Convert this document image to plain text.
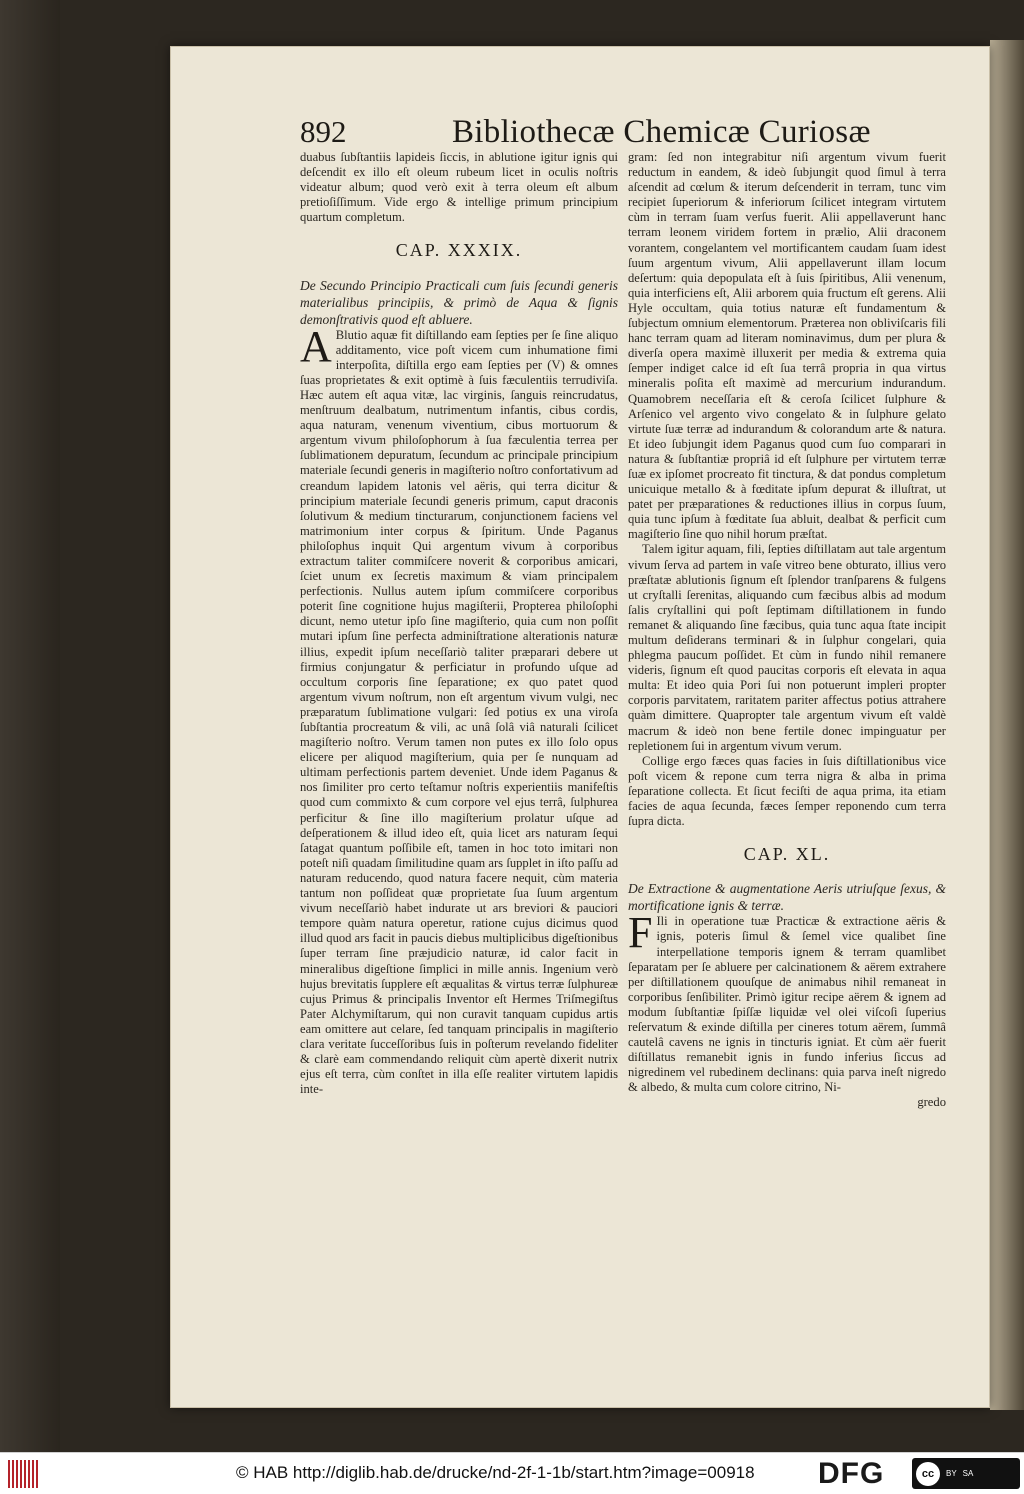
892	Bibliothecæ Chemicæ Curiosæ

duabus ſubſtantiis lapideis ſiccis, in ablutione igitur ignis qui deſcendit ex illo eſt oleum rubeum licet in oculis noſtris videatur album; quod verò exit à terra oleum eſt album pretioſiſſimum. Vide ergo & intellige primum principium quartum completum.

CAP. XXXIX.

De Secundo Principio Practicali cum ſuis ſecundi generis materialibus principiis, & primò de Aqua & ſignis demonſtrativis quod eſt abluere.

A Blutio aquæ fit diſtillando eam ſepties per ſe ſine aliquo additamento, vice poſt vicem cum inhumatione fimi interpoſita, diſtilla ergo eam ſepties per (V) & omnes ſuas proprietates & exit optimè à ſuis fæculentiis terrudiviſa. Hæc autem eſt aqua vitæ, lac virginis, ſanguis reincrudatus, menſtruum dealbatum, nutrimentum infantis, cibus cordis, aqua naturam, venenum viventium, cibus mortuorum & argentum vivum philoſophorum à ſua fæculentia terrea per ſublimationem depuratum, ſecundum ac principale principium materiale ſecundi generis in magiſterio noſtro confortativum ad creandum lapidem latonis vel aëris, qui terra dicitur & principium materiale ſecundi generis primum, caput draconis ſolutivum & medium tincturarum, conjunctionem faciens vel matrimonium inter corpus & ſpiritum. Unde Paganus philoſophus inquit Qui argentum vivum à corporibus extractum taliter commiſcere noverit & corporibus amicari, ſciet unum ex ſecretis maximum & viam principalem perfectionis. Nullus autem ipſum commiſcere corporibus poterit ſine cognitione hujus magiſterii, Propterea philoſophi dicunt, nemo utetur ipſo ſine magiſterio, quia cum non poſſit mutari ipſum ſine perfecta adminiſtratione alterationis naturæ illius, expedit ipſum neceſſariò taliter præparari debere ut firmius conjungatur & perficiatur in profundo uſque ad occultum corporis ſine ſeparatione; ex quo patet quod argentum vivum noſtrum, non eſt argentum vivum vulgi, nec præparatum ſublimatione vulgari: ſed potius ex una viroſa ſubſtantia procreatum & vili, ac unâ ſolâ viâ naturali ſcilicet magiſterio noſtro. Verum tamen non putes ex illo ſolo opus elicere per aliquod magiſterium, quia per ſe nunquam ad ultimam perfectionis partem deveniet. Unde idem Paganus & nos ſimiliter pro certo teſtamur noſtris experientiis manifeſtis quod cum commixto & cum corpore vel ejus terrâ, ſulphurea perficitur & ſine illo magiſterium prolatur uſque ad deſperationem & illud ideo eſt, quia licet ars naturam ſequi ſatagat quantum poſſibile eſt, tamen in hoc toto imitari non poteſt niſi quadam ſimilitudine quam ars ſupplet in iſto paſſu ad naturam reducendo, quod natura facere nequit, cùm materia tantum non poſſideat quæ proprietate ſua ſuum argentum vivum neceſſariò habet indurate ut ars breviori & pauciori tempore quàm natura operetur, ratione cujus dicimus quod illud quod ars facit in paucis diebus multiplicibus digeſtionibus ſuper terram ſine præjudicio naturæ, id calor facit in mineralibus digeſtione ſimplici in mille annis. Ingenium verò hujus brevitatis ſupplere eſt æqualitas & virtus terræ ſulphureæ cujus Primus & principalis Inventor eſt Hermes Triſmegiſtus Pater Alchymiſtarum, qui non curavit tanquam cupidus artis eam omittere aut celare, ſed tanquam principalis in magiſterio clara veritate ſucceſſoribus ſuis in poſterum revelando fideliter & clarè eam commendando reliquit cùm apertè dixerit nutrix ejus eſt terra, cùm conſtet in illa eſſe realiter virtutem lapidis inte-

gram: ſed non integrabitur niſi argentum vivum fuerit reductum in eandem, & ideò ſubjungit quod ſimul à terra aſcendit ad cœlum & iterum deſcenderit in terram, tunc vim recipiet ſuperiorum & inferiorum ſcilicet integram virtutem cùm in terram ſuam verſus fuerit. Alii appellaverunt hanc terram leonem viridem fortem in prælio, Alii draconem vorantem, congelantem vel mortificantem caudam ſuam idest ſuum argentum vivum, Alii appellaverunt illam locum deſertum: quia depopulata eſt à ſuis ſpiritibus, Alii venenum, quia interficiens eſt, Alii arborem quia fructum eſt gerens. Alii Hyle occultam, quia totius naturæ eſt fundamentum & ſubjectum omnium elementorum. Præterea non obliviſcaris fili hanc terram quam ad literam nominavimus, dum per plura & diverſa opera maximè illuxerit per media & extrema quia ſemper indiget calce id eſt ſua terrâ propria in qua virtus mineralis poſita eſt maximè ad mercurium indurandum. Quamobrem neceſſaria eſt & ceroſa ſcilicet ſulphure & Arſenico vel argento vivo congelato & in ſulphure gelato virtute ſuæ terræ ad indurandum & colorandum arte & natura. Et ideo ſubjungit idem Paganus quod cum ſuo comparari in natura & ſubſtantiæ propriâ id eſt ſulphure per virtutem terræ ſuæ ex ipſomet procreato fit tinctura, & dat pondus completum unicuique metallo & à fœditate ipſum depurat & illuſtrat, ut patet per præparationes & reductiones illius in corpus ſuum, quia tunc ipſum à fœditate ſua abluit, dealbat & perficit cum magiſterio ſine quo nihil horum præſtat.

Talem igitur aquam, fili, ſepties diſtillatam aut tale argentum vivum ſerva ad partem in vaſe vitreo bene obturato, illius vero præſtatæ ablutionis ſignum eſt ſplendor tranſparens & fulgens ut cryſtalli ſerenitas, aliquando cum fæcibus albis ad modum ſalis cryſtallini qui poſt ſeptimam diſtillationem in fundo remanet & aliquando ſine fæcibus, quia tunc aqua ſtate incipit multum deſiderans terminari & in ſulphur congelari, quia phlegma paucum poſſidet. Et cùm in fundo nihil remanere videris, ſignum eſt quod paucitas corporis eſt elevata in aqua multa: Et ideo quia Pori ſui non potuerunt impleri propter corporis parvitatem, raritatem pariter affectus potius attrahere quàm dimittere. Quapropter tale argentum vivum eſt valdè macrum & ideò non bene fertile donec impinguatur per repletionem ſui in argentum vivum verum.

Collige ergo fæces quas facies in ſuis diſtillationibus vice poſt vicem & repone cum terra nigra & alba in prima ſeparatione collecta. Et ſicut feciſti de aqua prima, ita etiam facies de aqua ſecunda, fæces ſemper reponendo cum terra ſupra dicta.

CAP. XL.

De Extractione & augmentatione Aeris utriuſque ſexus, & mortificatione ignis & terræ.

F Ili in operatione tuæ Practicæ & extractione aëris & ignis, poteris ſimul & ſemel vice qualibet ſine interpellatione temporis ignem & terram quamlibet ſeparatam per ſe abluere per calcinationem & aërem extrahere per diſtillationem quouſque de animabus nihil remaneat in corporibus ſenſibiliter. Primò igitur recipe aërem & ignem ad modum ſubſtantiæ ſpiſſæ liquidæ vel olei viſcoſi ſuperius reſervatum & exinde diſtilla per cineres totum aërem, ſummâ cautelâ cavens ne ignis in tincturis igniat. Et cùm aër fuerit diſtillatus remanebit ignis in fundo inferius ſiccus ad nigredinem vel rubedinem declinans: quia parva ineſt nigredo & albedo, & multa cum colore citrino, Ni-

gredo

© HAB http://diglib.hab.de/drucke/nd-2f-1-1b/start.htm?image=00918 DFG	cc	BY SA
